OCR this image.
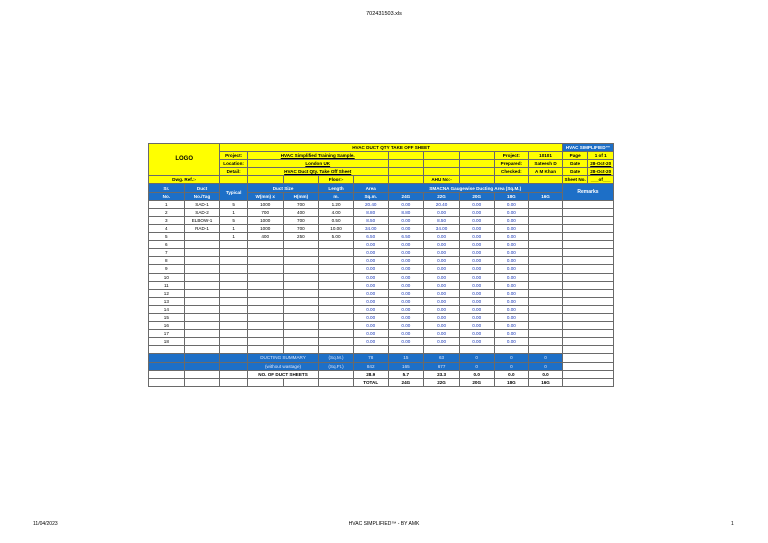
702431503.xls
LOGO		HVAC DUCT QTY TAKE OFF SHEET										HVAC SIMPLIFIED™	
		Project:	HVAC Simplified Training Sample.							Project:	10101	Page	1 of 1
		Location:	London UK							Prepared:	Sateesh D	Date	28-Oct-20
		Detail:	HVAC Duct Qty. Take Off Sheet							Checked:	A M Khan	Date	28-Oct-20
Dwg. Ref.:-					Floor:-			AHU No:-				Sheet No.	___of___
Sr.	Duct	Typical	Duct Size		Length	Area	SMACNA Gaugewise Ducting Area (Sq.M.)					Remarks	
No.	No./Tag		W(mm) x	H(mm)	m.	Sq.m.	24G	22G	20G	18G	16G		
1	SAD-1	5	1000	700	1.20	20.40	0.00	20.40	0.00	0.00			
2	SAD-2	1	700	400	4.00	8.80	8.80	0.00	0.00	0.00			
3	ELBOW-1	5	1000	700	0.50	8.50	0.00	8.50	0.00	0.00			
4	RAD-1	1	1000	700	10.00	34.00	0.00	34.00	0.00	0.00			
5		1	400	250	5.00	6.50	6.50	0.00	0.00	0.00			
6						0.00	0.00	0.00	0.00	0.00			
7						0.00	0.00	0.00	0.00	0.00			
8						0.00	0.00	0.00	0.00	0.00			
9						0.00	0.00	0.00	0.00	0.00			
10						0.00	0.00	0.00	0.00	0.00			
11						0.00	0.00	0.00	0.00	0.00			
12						0.00	0.00	0.00	0.00	0.00			
13						0.00	0.00	0.00	0.00	0.00			
14						0.00	0.00	0.00	0.00	0.00			
15						0.00	0.00	0.00	0.00	0.00			
16						0.00	0.00	0.00	0.00	0.00			
17						0.00	0.00	0.00	0.00	0.00			
18						0.00	0.00	0.00	0.00	0.00			

			DUCTING SUMMARY		(Sq.M.)	78	15	63	0	0	0		
			(without wastage)		(Sq.Ft.)	842	165	677	0	0	0		
			NO. OF DUCT SHEETS			28.9	5.7	23.3	0.0	0.0	0.0		
						TOTAL	24G	22G	20G	18G	16G		
11/04/2023	HVAC SIMPLIFIED™ - BY AMK	1
